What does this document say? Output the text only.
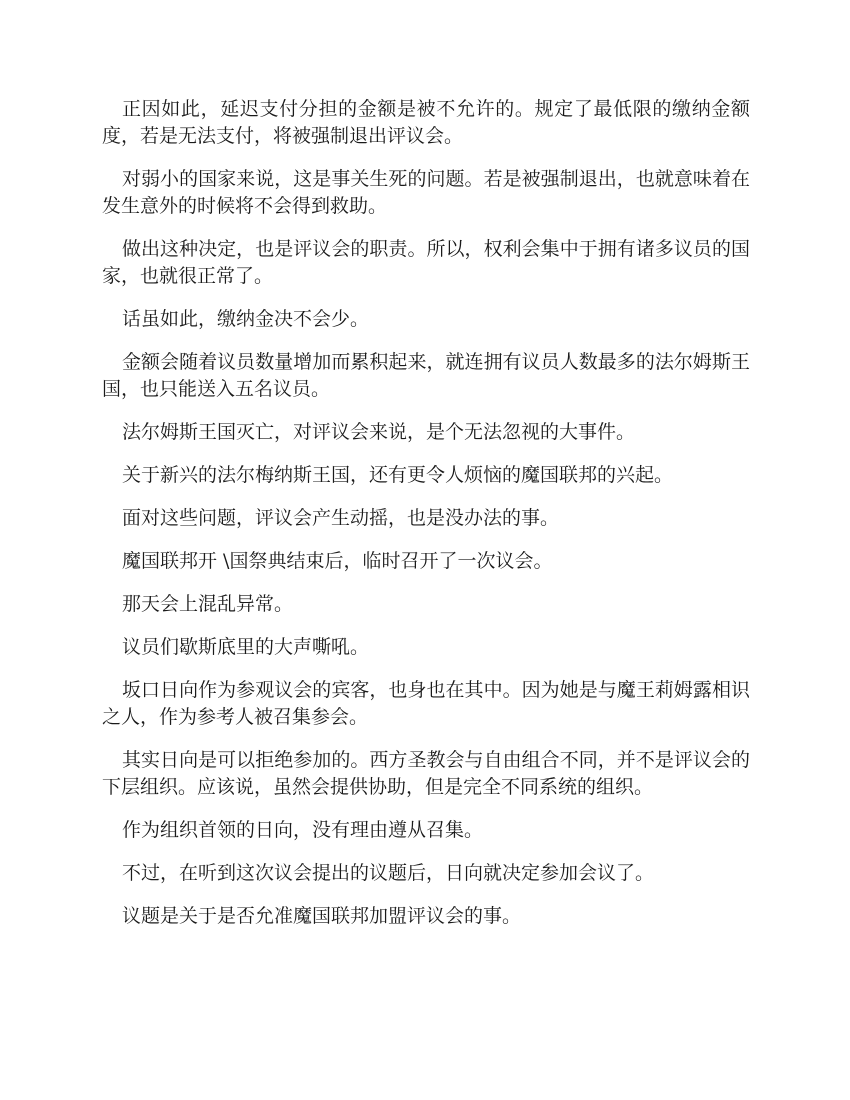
正因如此，延迟支付分担的金额是被不允许的。规定了最低限的缴纳金额度，若是无法支付，将被强制退出评议会。

对弱小的国家来说，这是事关生死的问题。若是被强制退出，也就意味着在发生意外的时候将不会得到救助。

做出这种决定，也是评议会的职责。所以，权利会集中于拥有诸多议员的国家，也就很正常了。

话虽如此，缴纳金决不会少。

金额会随着议员数量增加而累积起来，就连拥有议员人数最多的法尔姆斯王国，也只能送入五名议员。

法尔姆斯王国灭亡，对评议会来说，是个无法忽视的大事件。

关于新兴的法尔梅纳斯王国，还有更令人烦恼的魔国联邦的兴起。

面对这些问题，评议会产生动摇，也是没办法的事。

魔国联邦开 \国祭典结束后，临时召开了一次议会。

那天会上混乱异常。

议员们歇斯底里的大声嘶吼。

坂口日向作为参观议会的宾客，也身也在其中。因为她是与魔王莉姆露相识之人，作为参考人被召集参会。

其实日向是可以拒绝参加的。西方圣教会与自由组合不同，并不是评议会的下层组织。应该说，虽然会提供协助，但是完全不同系统的组织。

作为组织首领的日向，没有理由遵从召集。

不过，在听到这次议会提出的议题后，日向就决定参加会议了。

议题是关于是否允准魔国联邦加盟评议会的事。
